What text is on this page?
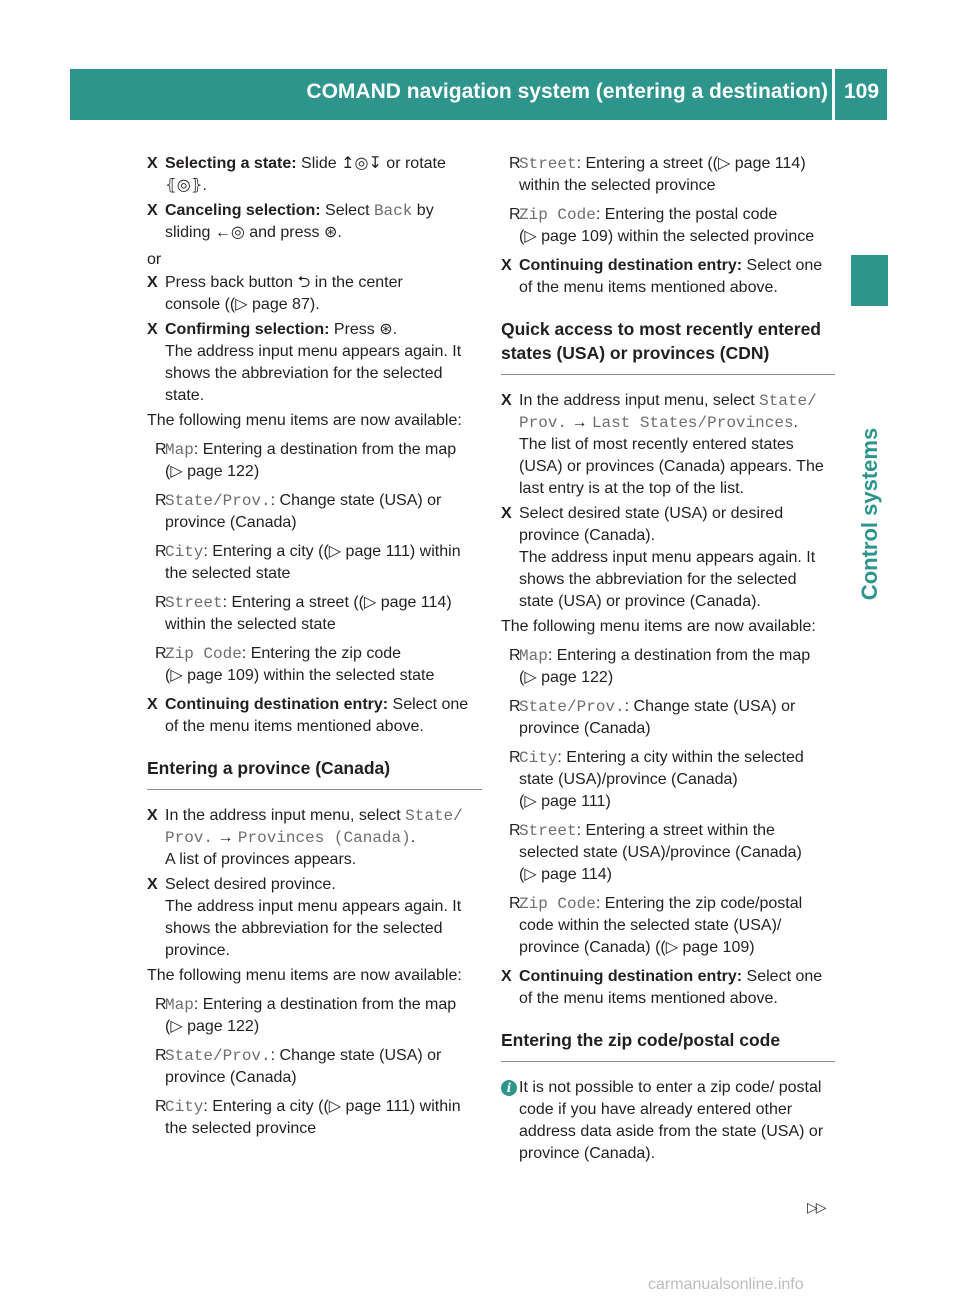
COMAND navigation system (entering a destination) 109
Control systems

X Selecting a state: Slide ↥◎↧ or rotate
⦃◎⦄.

X Canceling selection: Select Back by
sliding ←◎ and press ⊛.

or

X Press back button ⮌ in the center
console ((▷ page 87).

X Confirming selection: Press ⊛.
The address input menu appears again. It shows the abbreviation for the selected state.

The following menu items are now available:

R
Map: Entering a destination from the map
(▷ page 122)

R
State/Prov.: Change state (USA) or province (Canada)

R
City: Entering a city ((▷ page 111) within the selected state

R
Street: Entering a street ((▷ page 114) within the selected state

R
Zip Code: Entering the zip code
(▷ page 109) within the selected state

X Continuing destination entry: Select one of the menu items mentioned above.

Entering a province (Canada)

X In the address input menu, select State/
Prov. → Provinces (Canada).
A list of provinces appears.

X Select desired province.
The address input menu appears again. It shows the abbreviation for the selected province.

The following menu items are now available:

R
Map: Entering a destination from the map
(▷ page 122)

R
State/Prov.: Change state (USA) or province (Canada)

R
City: Entering a city ((▷ page 111) within the selected province

R
Street: Entering a street ((▷ page 114) within the selected province

R
Zip Code: Entering the postal code
(▷ page 109) within the selected province

X Continuing destination entry: Select one of the menu items mentioned above.

Quick access to most recently entered states (USA) or provinces (CDN)

X In the address input menu, select State/
Prov. → Last States/Provinces.
The list of most recently entered states (USA) or provinces (Canada) appears. The last entry is at the top of the list.

X Select desired state (USA) or desired province (Canada).
The address input menu appears again. It shows the abbreviation for the selected state (USA) or province (Canada).

The following menu items are now available:

R
Map: Entering a destination from the map
(▷ page 122)

R
State/Prov.: Change state (USA) or province (Canada)

R
City: Entering a city within the selected state (USA)/province (Canada)
(▷ page 111)

R
Street: Entering a street within the selected state (USA)/province (Canada)
(▷ page 114)

R
Zip Code: Entering the zip code/postal code within the selected state (USA)/ province (Canada) ((▷ page 109)

X Continuing destination entry: Select one of the menu items mentioned above.

Entering the zip code/postal code

i It is not possible to enter a zip code/ postal code if you have already entered other address data aside from the state (USA) or province (Canada).

▷▷
carmanualsonline.info
